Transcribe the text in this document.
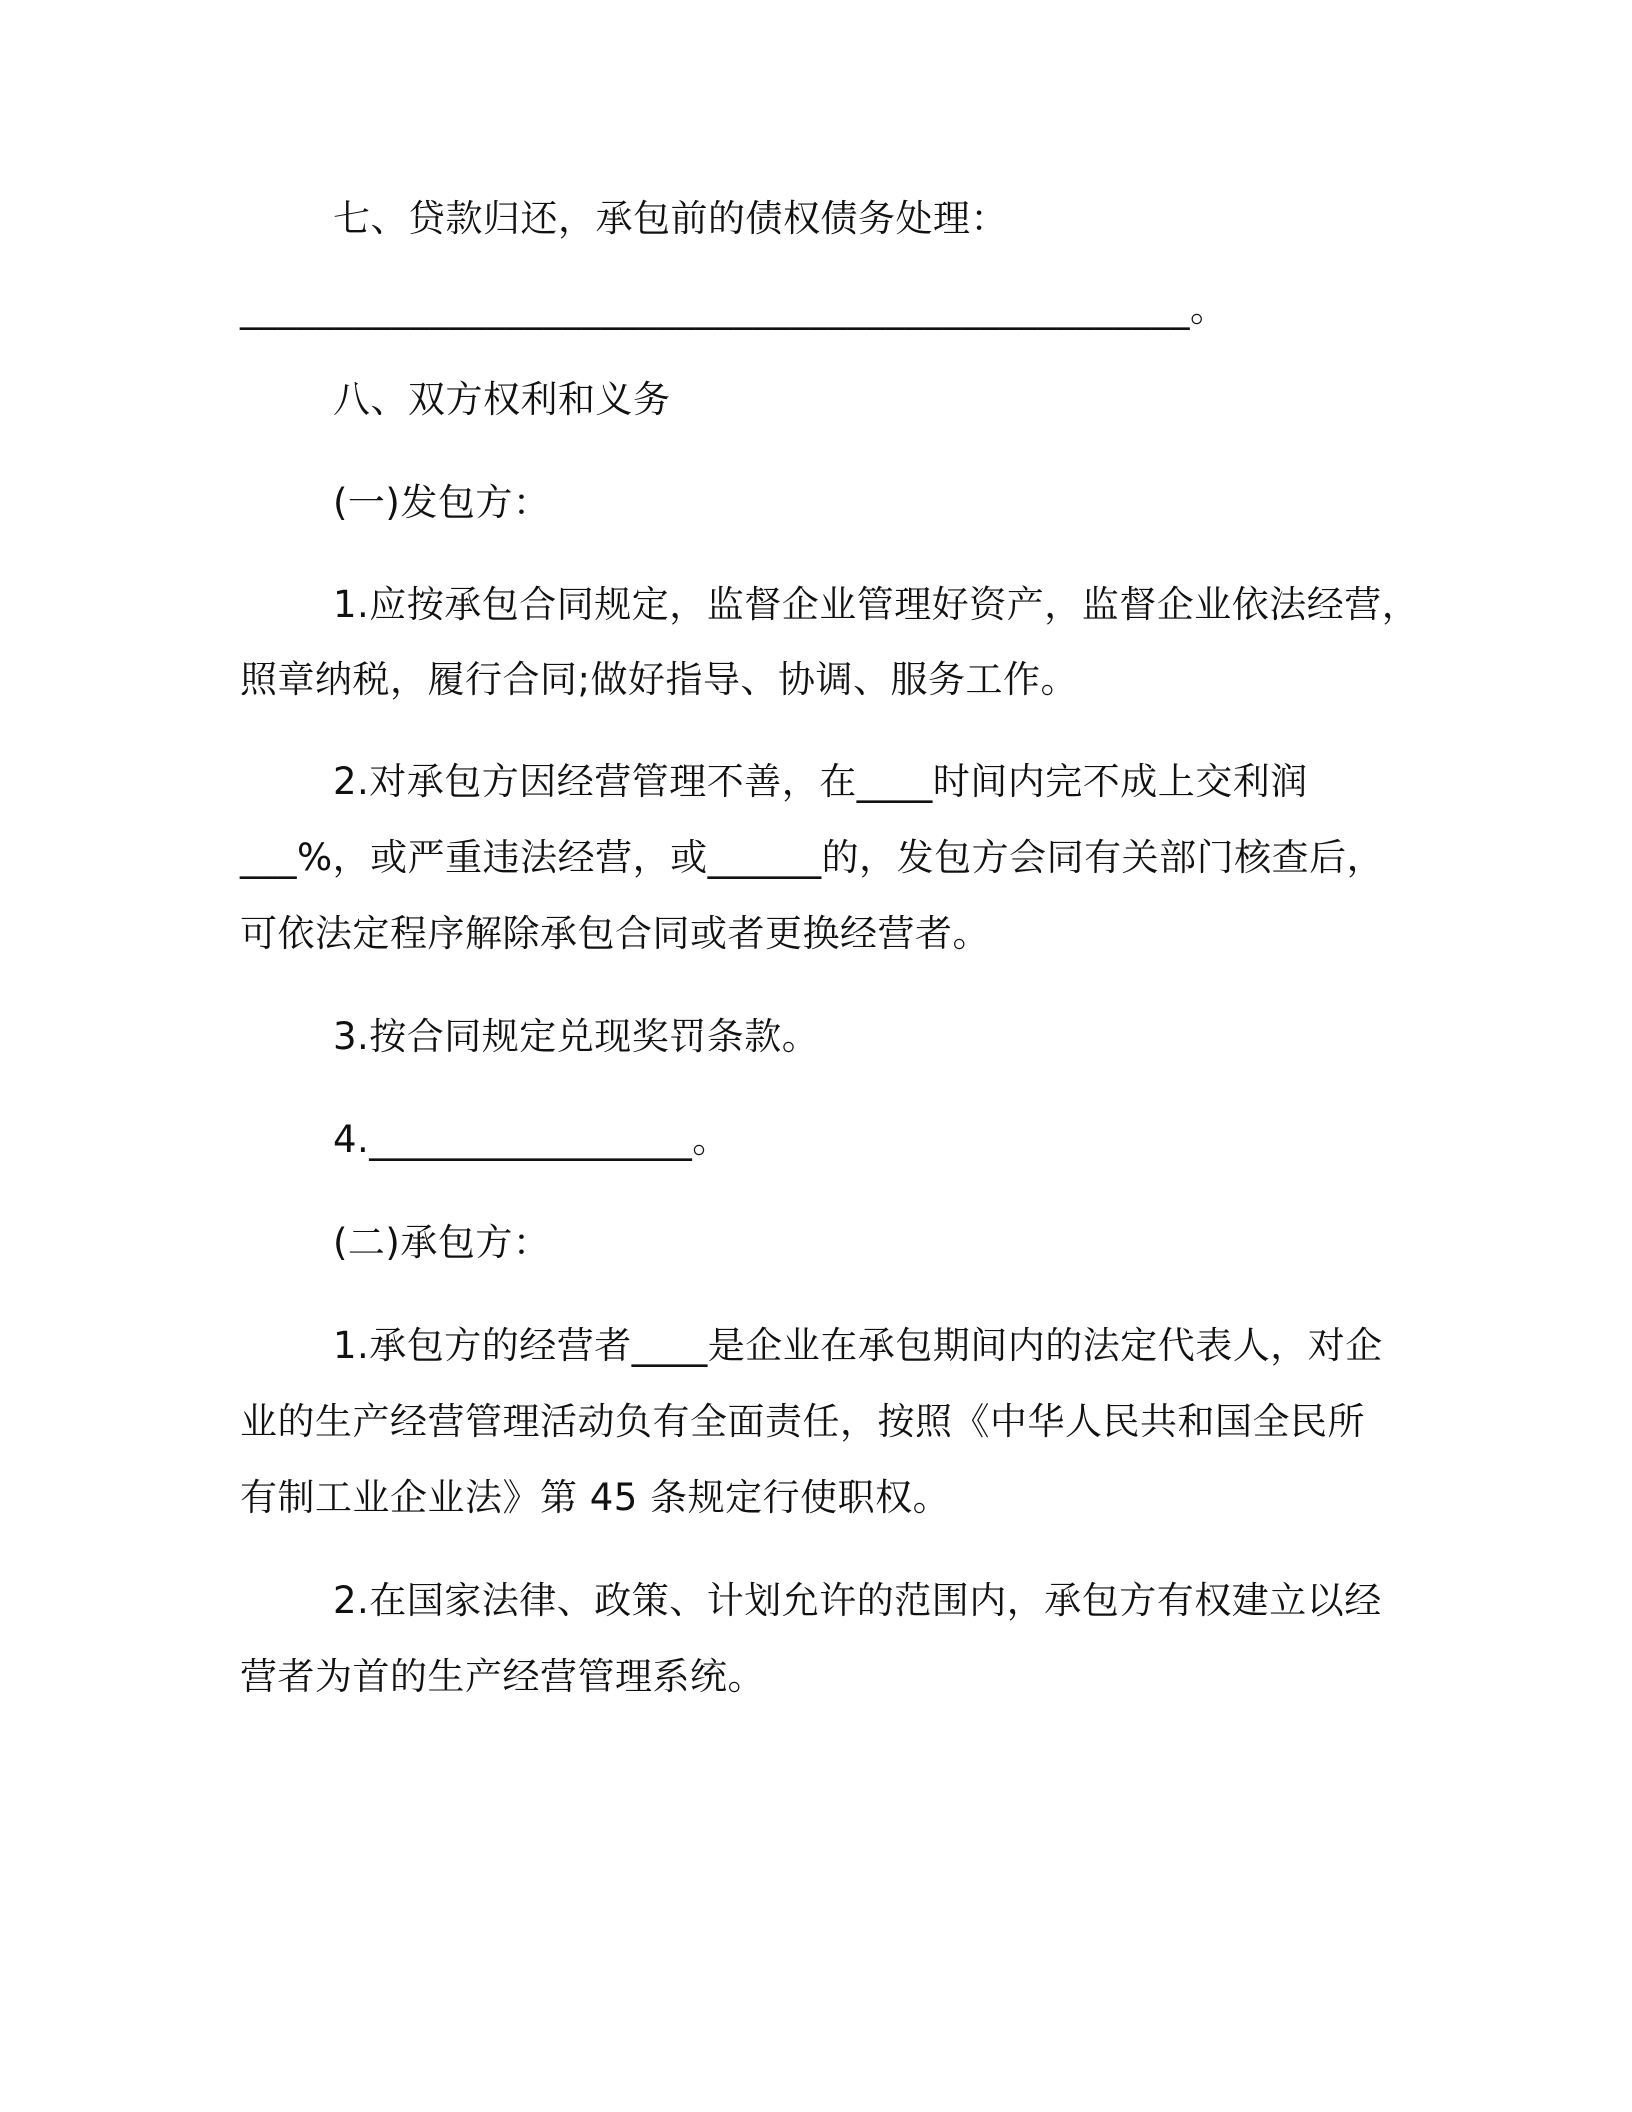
七、贷款归还，承包前的债权债务处理：
__________________________________________________。
八、双方权利和义务
(一)发包方：
1.应按承包合同规定，监督企业管理好资产，监督企业依法经营，
照章纳税，履行合同;做好指导、协调、服务工作。
2.对承包方因经营管理不善，在____时间内完不成上交利润
___%，或严重违法经营，或______的，发包方会同有关部门核查后，
可依法定程序解除承包合同或者更换经营者。
3.按合同规定兑现奖罚条款。
4._________________。
(二)承包方：
1.承包方的经营者____是企业在承包期间内的法定代表人，对企
业的生产经营管理活动负有全面责任，按照《中华人民共和国全民所
有制工业企业法》第 45 条规定行使职权。
2.在国家法律、政策、计划允许的范围内，承包方有权建立以经
营者为首的生产经营管理系统。
